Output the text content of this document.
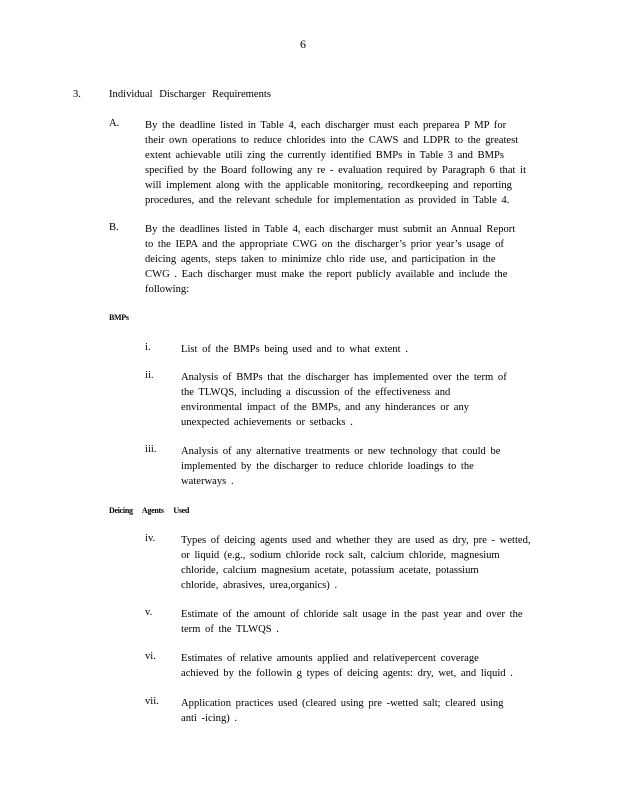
6
3.	Individual Discharger Requirements
A. By the deadline listed in Table 4, each discharger must each preparea P MP for

their own operations to reduce chlorides into the CAWS and LDPR to the greatest

extent achievable utili zing the currently identified BMPs in Table 3 and BMPs

specified by the Board following any re - evaluation required by Paragraph 6 that it

will implement along with the applicable monitoring, recordkeeping and reporting

procedures, and the relevant schedule for implementation as provided in Table 4.

B. By the deadlines listed in Table 4, each discharger must submit an Annual Report

to the IEPA and the appropriate CWG on the discharger’s prior year’s usage of

deicing agents, steps taken to minimize chlo ride use, and participation in the

CWG . Each discharger must make the report publicly available and include the

following:

BMPs
i.	List of the BMPs being used and to what extent .
ii.	Analysis of BMPs that the discharger has implemented over the term of
the TLWQS, including a discussion of the effectiveness and
environmental impact of the BMPs, and any hinderances or any
unexpected achievements or setbacks .
iii. Analysis of any alternative treatments or new technology that could be
implemented by the discharger to reduce chloride loadings to the
waterways .
Deicing Agents Used
iv. Types of deicing agents used and whether they are used as dry, pre - wetted,
or liquid (e.g., sodium chloride rock salt, calcium chloride, magnesium
chloride, calcium magnesium acetate, potassium acetate, potassium
chloride, abrasives, urea,organics) .
v.	Estimate of the amount of chloride salt usage in the past year and over the
term of the TLWQS .
vi. Estimates of relative amounts applied and relativepercent coverage
achieved by the followin g types of deicing agents: dry, wet, and liquid .
vii. Application practices used (cleared using pre -wetted salt; cleared using
anti -icing) .
